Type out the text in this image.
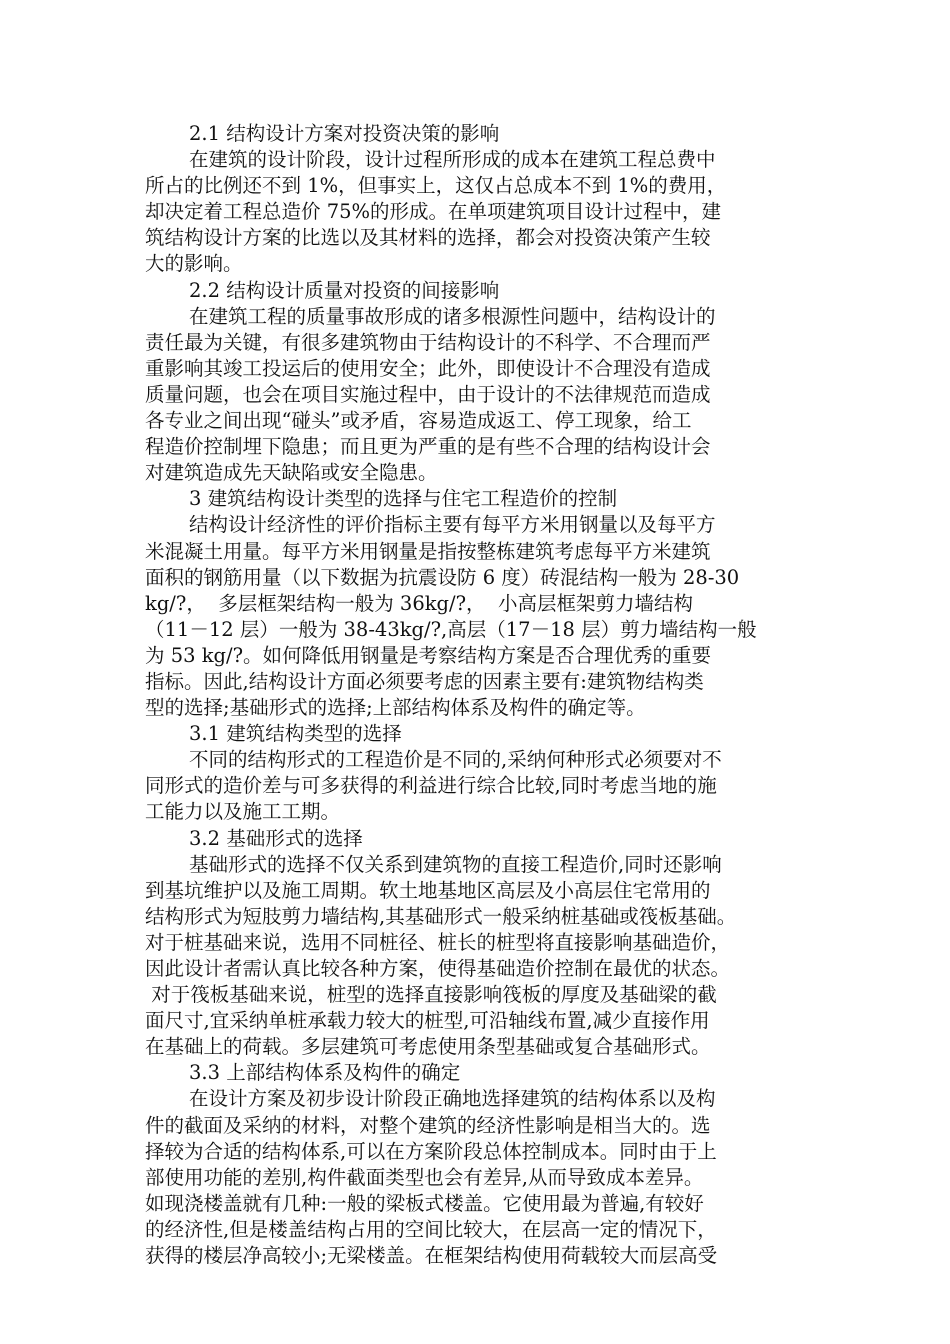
2.1 结构设计方案对投资决策的影响
在建筑的设计阶段，设计过程所形成的成本在建筑工程总费中
所占的比例还不到 1%，但事实上，这仅占总成本不到 1%的费用，
却决定着工程总造价 75%的形成。在单项建筑项目设计过程中，建
筑结构设计方案的比选以及其材料的选择，都会对投资决策产生较
大的影响。
2.2 结构设计质量对投资的间接影响
在建筑工程的质量事故形成的诸多根源性问题中，结构设计的
责任最为关键，有很多建筑物由于结构设计的不科学、不合理而严
重影响其竣工投运后的使用安全；此外，即使设计不合理没有造成
质量问题，也会在项目实施过程中，由于设计的不法律规范而造成
各专业之间出现“碰头”或矛盾，容易造成返工、停工现象，给工
程造价控制埋下隐患；而且更为严重的是有些不合理的结构设计会
对建筑造成先天缺陷或安全隐患。
3 建筑结构设计类型的选择与住宅工程造价的控制
结构设计经济性的评价指标主要有每平方米用钢量以及每平方
米混凝土用量。每平方米用钢量是指按整栋建筑考虑每平方米建筑
面积的钢筋用量（以下数据为抗震设防 6 度）砖混结构一般为 28-30
kg/?，  多层框架结构一般为 36kg/?，  小高层框架剪力墙结构
（11－12 层）一般为 38-43kg/?,高层（17－18 层）剪力墙结构一般
为 53 kg/?。如何降低用钢量是考察结构方案是否合理优秀的重要
指标。因此,结构设计方面必须要考虑的因素主要有:建筑物结构类
型的选择;基础形式的选择;上部结构体系及构件的确定等。
3.1 建筑结构类型的选择
不同的结构形式的工程造价是不同的,采纳何种形式必须要对不
同形式的造价差与可多获得的利益进行综合比较,同时考虑当地的施
工能力以及施工工期。
3.2 基础形式的选择
基础形式的选择不仅关系到建筑物的直接工程造价,同时还影响
到基坑维护以及施工周期。软土地基地区高层及小高层住宅常用的
结构形式为短肢剪力墙结构,其基础形式一般采纳桩基础或筏板基础。
对于桩基础来说，选用不同桩径、桩长的桩型将直接影响基础造价，
因此设计者需认真比较各种方案，使得基础造价控制在最优的状态。
对于筏板基础来说，桩型的选择直接影响筏板的厚度及基础梁的截
面尺寸,宜采纳单桩承载力较大的桩型,可沿轴线布置,减少直接作用
在基础上的荷载。多层建筑可考虑使用条型基础或复合基础形式。
3.3 上部结构体系及构件的确定
在设计方案及初步设计阶段正确地选择建筑的结构体系以及构
件的截面及采纳的材料，对整个建筑的经济性影响是相当大的。选
择较为合适的结构体系,可以在方案阶段总体控制成本。同时由于上
部使用功能的差别,构件截面类型也会有差异,从而导致成本差异。
如现浇楼盖就有几种:一般的梁板式楼盖。它使用最为普遍,有较好
的经济性,但是楼盖结构占用的空间比较大，在层高一定的情况下，
获得的楼层净高较小;无梁楼盖。在框架结构使用荷载较大而层高受
